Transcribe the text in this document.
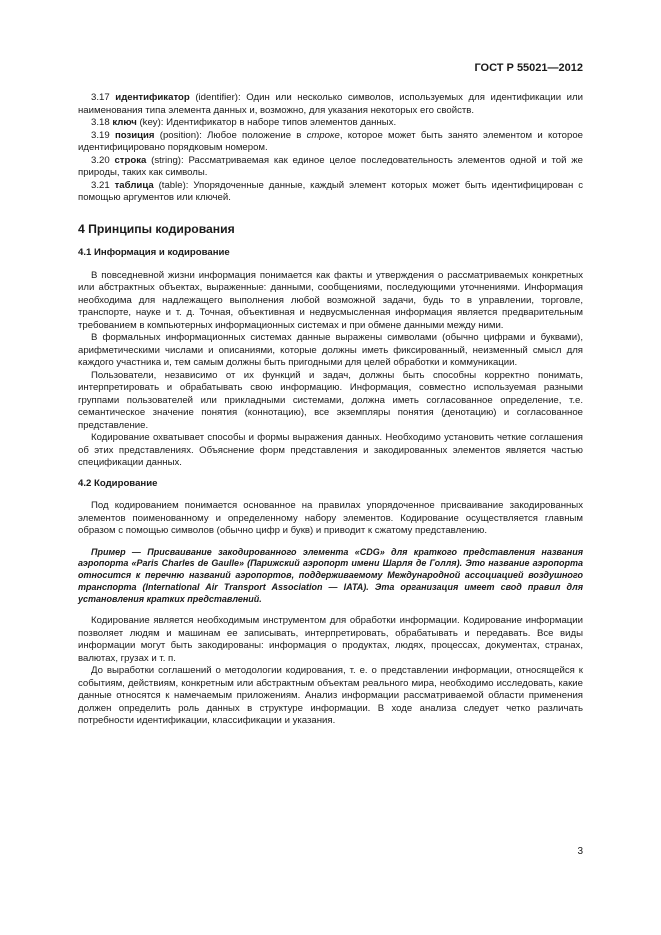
ГОСТ Р 55021—2012

3.17 идентификатор (identifier): Один или несколько символов, используемых для идентификации или наименования типа элемента данных и, возможно, для указания некоторых его свойств.

3.18 ключ (key): Идентификатор в наборе типов элементов данных.

3.19 позиция (position): Любое положение в строке, которое может быть занято элементом и которое идентифицировано порядковым номером.

3.20 строка (string): Рассматриваемая как единое целое последовательность элементов одной и той же природы, таких как символы.

3.21 таблица (table): Упорядоченные данные, каждый элемент которых может быть идентифицирован с помощью аргументов или ключей.

4 Принципы кодирования
4.1 Информация и кодирование

В повседневной жизни информация понимается как факты и утверждения о рассматриваемых конкретных или абстрактных объектах, выраженные: данными, сообщениями, последующими уточнениями. Информация необходима для надлежащего выполнения любой возможной задачи, будь то в управлении, торговле, транспорте, науке и т. д. Точная, объективная и недвусмысленная информация является предварительным требованием в компьютерных информационных системах и при обмене данными между ними.

В формальных информационных системах данные выражены символами (обычно цифрами и буквами), арифметическими числами и описаниями, которые должны иметь фиксированный, неизменный смысл для каждого участника и, тем самым должны быть пригодными для целей обработки и коммуникации.

Пользователи, независимо от их функций и задач, должны быть способны корректно понимать, интерпретировать и обрабатывать свою информацию. Информация, совместно используемая разными группами пользователей или прикладными системами, должна иметь согласованное определение, т.е. семантическое значение понятия (коннотацию), все экземпляры понятия (денотацию) и согласованное представление.

Кодирование охватывает способы и формы выражения данных. Необходимо установить четкие соглашения об этих представлениях. Объяснение форм представления и закодированных элементов является частью спецификации данных.

4.2 Кодирование

Под кодированием понимается основанное на правилах упорядоченное присваивание закодированных элементов поименованному и определенному набору элементов. Кодирование осуществляется главным образом с помощью символов (обычно цифр и букв) и приводит к сжатому представлению.

Пример — Присваивание закодированного элемента «CDG» для краткого представления названия аэропорта «Paris Charles de Gaulle» (Парижский аэропорт имени Шарля де Голля). Это название аэропорта относится к перечню названий аэропортов, поддерживаемому Международной ассоциацией воздушного транспорта (International Air Transport Association — IATA). Эта организация имеет свод правил для установления кратких представлений.

Кодирование является необходимым инструментом для обработки информации. Кодирование информации позволяет людям и машинам ее записывать, интерпретировать, обрабатывать и передавать. Все виды информации могут быть закодированы: информация о продуктах, людях, процессах, документах, странах, валютах, грузах и т. п.

До выработки соглашений о методологии кодирования, т. е. о представлении информации, относящейся к событиям, действиям, конкретным или абстрактным объектам реального мира, необходимо исследовать, какие данные относятся к намечаемым приложениям. Анализ информации рассматриваемой области применения должен определить роль данных в структуре информации. В ходе анализа следует четко различать потребности идентификации, классификации и указания.

3
